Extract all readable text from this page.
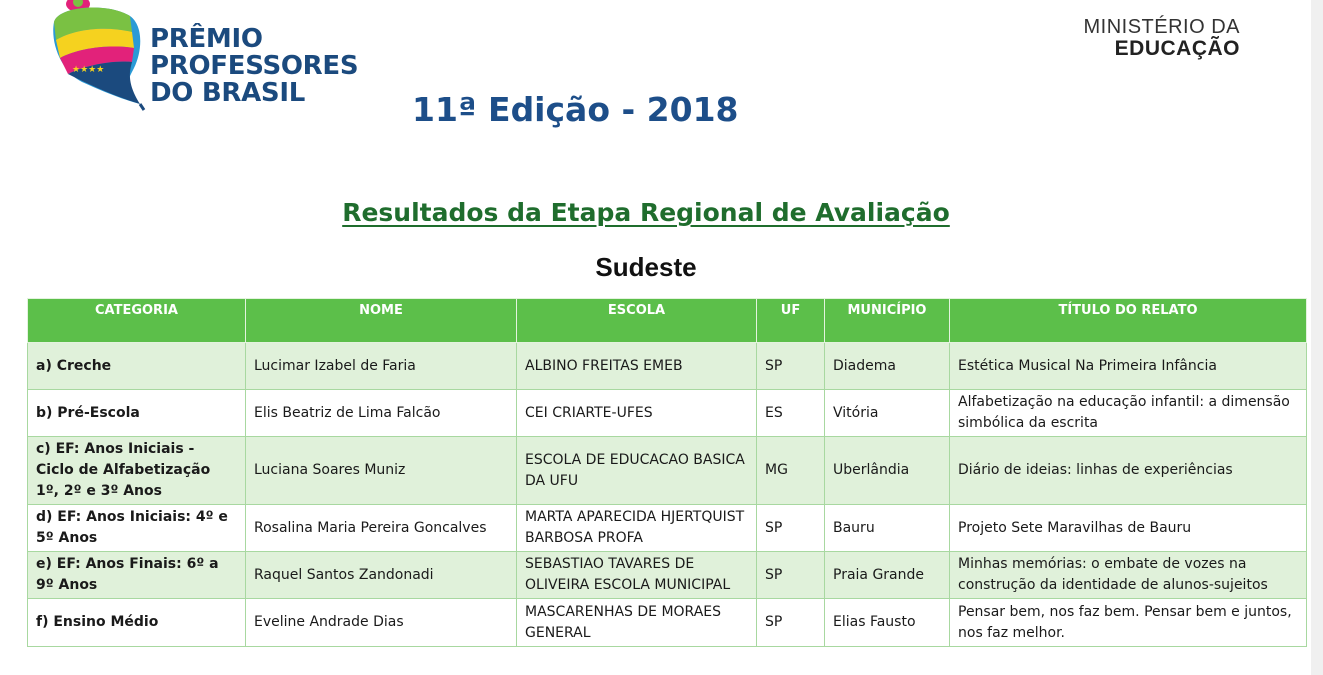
★★★★
PRÊMIO
PROFESSORES
DO BRASIL
MINISTÉRIO DA
EDUCAÇÃO
11ª Edição - 2018
Resultados da Etapa Regional de Avaliação
Sudeste
CATEGORIA	NOME	ESCOLA	UF	MUNICÍPIO	TÍTULO DO RELATO
a) Creche	Lucimar Izabel de Faria	ALBINO FREITAS EMEB	SP	Diadema	Estética Musical Na Primeira Infância
b) Pré-Escola	Elis Beatriz de Lima Falcão	CEI CRIARTE-UFES	ES	Vitória	Alfabetização na educação infantil: a dimensão simbólica da escrita
c) EF: Anos Iniciais - Ciclo de Alfabetização 1º, 2º e 3º Anos	Luciana Soares Muniz	ESCOLA DE EDUCACAO BASICA DA UFU	MG	Uberlândia	Diário de ideias: linhas de experiências
d) EF: Anos Iniciais: 4º e 5º Anos	Rosalina Maria Pereira Goncalves	MARTA APARECIDA HJERTQUIST BARBOSA PROFA	SP	Bauru	Projeto Sete Maravilhas de Bauru
e) EF: Anos Finais: 6º a 9º Anos	Raquel Santos Zandonadi	SEBASTIAO TAVARES DE OLIVEIRA ESCOLA MUNICIPAL	SP	Praia Grande	Minhas memórias: o embate de vozes na construção da identidade de alunos-sujeitos
f) Ensino Médio	Eveline Andrade Dias	MASCARENHAS DE MORAES GENERAL	SP	Elias Fausto	Pensar bem, nos faz bem. Pensar bem e juntos, nos faz melhor.
